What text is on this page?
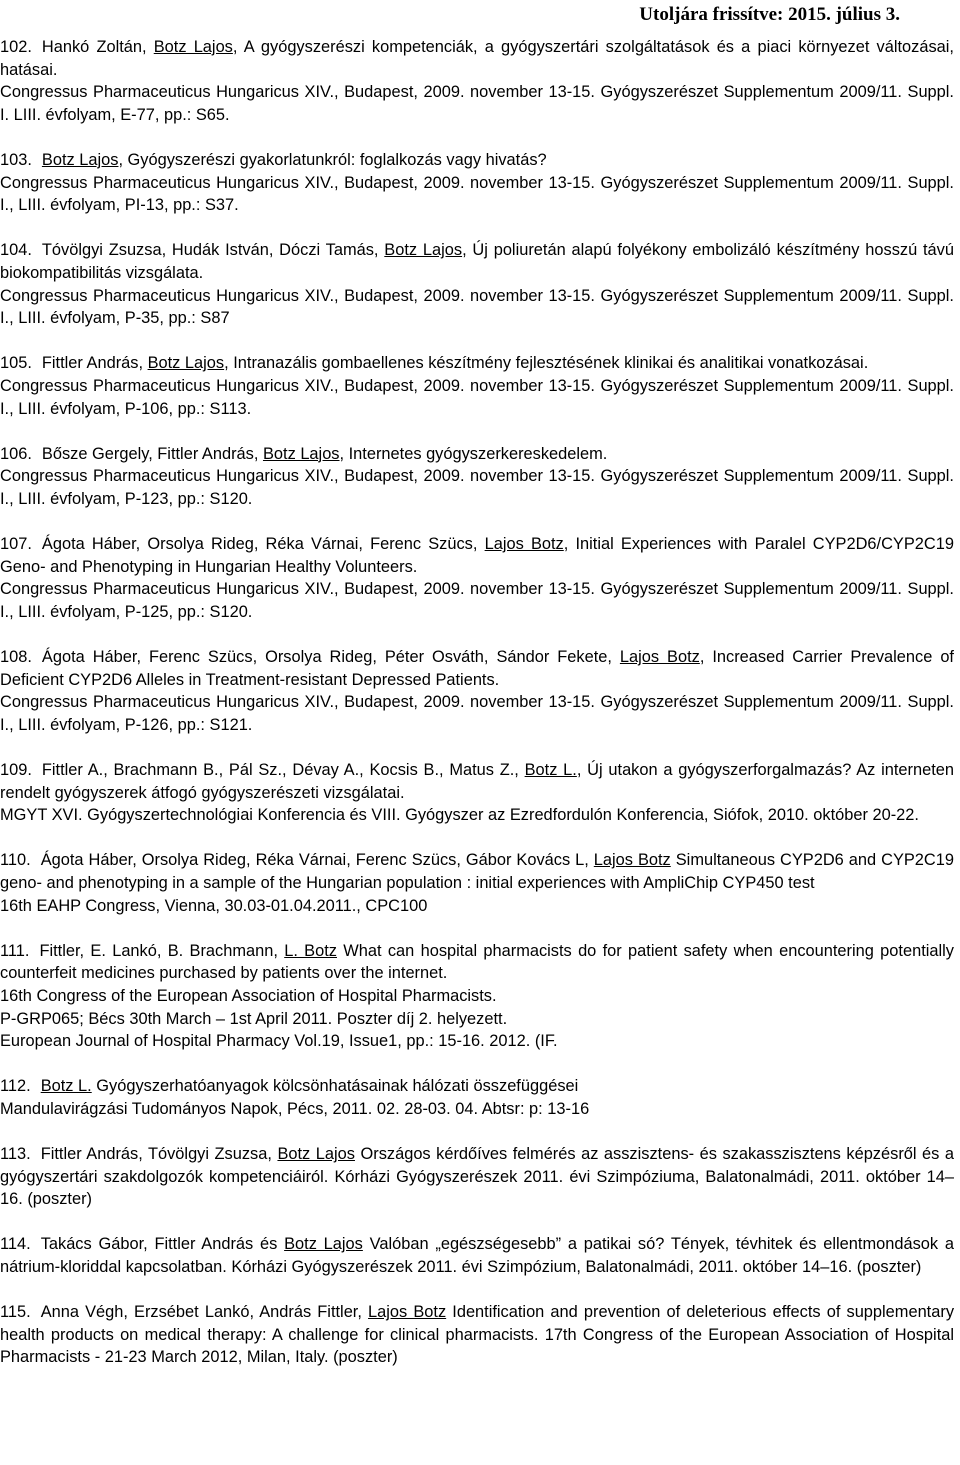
Utoljára frissítve: 2015. július 3.

102. Hankó Zoltán, Botz Lajos, A gyógyszerészi kompetenciák, a gyógyszertári szolgáltatások és a piaci környezet változásai, hatásai.

Congressus Pharmaceuticus Hungaricus XIV., Budapest, 2009. november 13-15. Gyógyszerészet Supplementum 2009/11. Suppl. I. LIII. évfolyam, E-77, pp.: S65.

103. Botz Lajos, Gyógyszerészi gyakorlatunkról: foglalkozás vagy hivatás?

Congressus Pharmaceuticus Hungaricus XIV., Budapest, 2009. november 13-15. Gyógyszerészet Supplementum 2009/11. Suppl. I., LIII. évfolyam, PI-13, pp.: S37.

104. Tóvölgyi Zsuzsa, Hudák István, Dóczi Tamás, Botz Lajos, Új poliuretán alapú folyékony embolizáló készítmény hosszú távú biokompatibilitás vizsgálata.

Congressus Pharmaceuticus Hungaricus XIV., Budapest, 2009. november 13-15. Gyógyszerészet Supplementum 2009/11. Suppl. I., LIII. évfolyam, P-35, pp.: S87

105. Fittler András, Botz Lajos, Intranazális gombaellenes készítmény fejlesztésének klinikai és analitikai vonatkozásai.

Congressus Pharmaceuticus Hungaricus XIV., Budapest, 2009. november 13-15. Gyógyszerészet Supplementum 2009/11. Suppl. I., LIII. évfolyam, P-106, pp.: S113.

106. Bősze Gergely, Fittler András, Botz Lajos, Internetes gyógyszerkereskedelem.

Congressus Pharmaceuticus Hungaricus XIV., Budapest, 2009. november 13-15. Gyógyszerészet Supplementum 2009/11. Suppl. I., LIII. évfolyam, P-123, pp.: S120.

107. Ágota Háber, Orsolya Rideg, Réka Várnai, Ferenc Szücs, Lajos Botz, Initial Experiences with Paralel CYP2D6/CYP2C19 Geno- and Phenotyping in Hungarian Healthy Volunteers.

Congressus Pharmaceuticus Hungaricus XIV., Budapest, 2009. november 13-15. Gyógyszerészet Supplementum 2009/11. Suppl. I., LIII. évfolyam, P-125, pp.: S120.

108. Ágota Háber, Ferenc Szücs, Orsolya Rideg, Péter Osváth, Sándor Fekete, Lajos Botz, Increased Carrier Prevalence of Deficient CYP2D6 Alleles in Treatment-resistant Depressed Patients.

Congressus Pharmaceuticus Hungaricus XIV., Budapest, 2009. november 13-15. Gyógyszerészet Supplementum 2009/11. Suppl. I., LIII. évfolyam, P-126, pp.: S121.

109. Fittler A., Brachmann B., Pál Sz., Dévay A., Kocsis B., Matus Z., Botz L., Új utakon a gyógyszerforgalmazás? Az interneten rendelt gyógyszerek átfogó gyógyszerészeti vizsgálatai.

MGYT XVI. Gyógyszertechnológiai Konferencia és VIII. Gyógyszer az Ezredfordulón Konferencia, Siófok, 2010. október 20-22.

110. Ágota Háber, Orsolya Rideg, Réka Várnai, Ferenc Szücs, Gábor Kovács L, Lajos Botz Simultaneous CYP2D6 and CYP2C19 geno- and phenotyping in a sample of the Hungarian population : initial experiences with AmpliChip CYP450 test

16th EAHP Congress, Vienna, 30.03-01.04.2011., CPC100

111. Fittler, E. Lankó, B. Brachmann, L. Botz What can hospital pharmacists do for patient safety when encountering potentially counterfeit medicines purchased by patients over the internet.

16th Congress of the European Association of Hospital Pharmacists.

P-GRP065; Bécs 30th March – 1st April 2011. Poszter díj 2. helyezett.

European Journal of Hospital Pharmacy Vol.19, Issue1, pp.: 15-16. 2012. (IF.

112. Botz L. Gyógyszerhatóanyagok kölcsönhatásainak hálózati összefüggései

Mandulavirágzási Tudományos Napok, Pécs, 2011. 02. 28-03. 04. Abtsr: p: 13-16

113. Fittler András, Tóvölgyi Zsuzsa, Botz Lajos Országos kérdőíves felmérés az asszisztens- és szakasszisztens képzésről és a gyógyszertári szakdolgozók kompetenciáiról. Kórházi Gyógyszerészek 2011. évi Szimpóziuma, Balatonalmádi, 2011. október 14–16. (poszter)

114. Takács Gábor, Fittler András és Botz Lajos Valóban „egészségesebb” a patikai só? Tények, tévhitek és ellentmondások a nátrium-kloriddal kapcsolatban. Kórházi Gyógyszerészek 2011. évi Szimpózium, Balatonalmádi, 2011. október 14–16. (poszter)

115. Anna Végh, Erzsébet Lankó, András Fittler, Lajos Botz Identification and prevention of deleterious effects of supplementary health products on medical therapy: A challenge for clinical pharmacists. 17th Congress of the European Association of Hospital Pharmacists - 21-23 March 2012, Milan, Italy. (poszter)
